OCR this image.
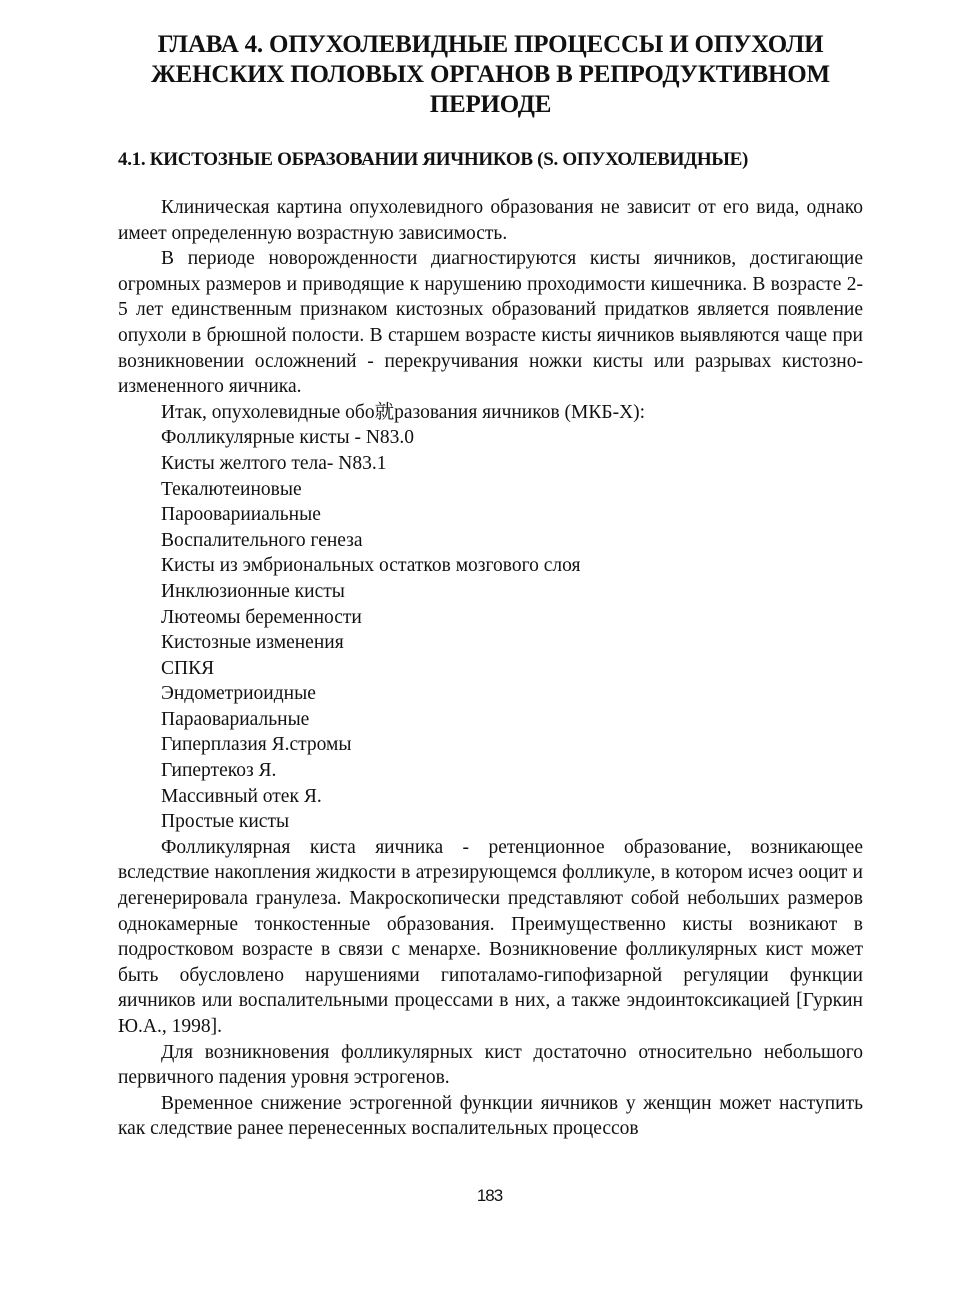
ГЛАВА 4. ОПУХОЛЕВИДНЫЕ ПРОЦЕССЫ И ОПУХОЛИ ЖЕНСКИХ ПОЛОВЫХ ОРГАНОВ В РЕПРОДУКТИВНОМ ПЕРИОДЕ
4.1. КИСТОЗНЫЕ ОБРАЗОВАНИИ ЯИЧНИКОВ (S. ОПУХОЛЕВИДНЫЕ)

Клиническая картина опухолевидного образования не зависит от его вида, однако имеет определенную возрастную зависимость.

В периоде новорожденности диагностируются кисты яичников, достигающие огромных размеров и приводящие к нарушению проходимости кишечника. В возрасте 2-5 лет единственным признаком кистозных образований придатков является появление опухоли в брюшной полости. В старшем возрасте кисты яичников выявляются чаще при возникновении осложнений - перекручивания ножки кисты или разрывах кистозно-измененного яичника.

Итак, опухолевидные обо就разования яичников (МКБ-Х):
Фолликулярные кисты - N83.0
Кисты желтого тела- N83.1
Текалютеиновые
Парооварииальные
Воспалительного генеза
Кисты из эмбриональных остатков мозгового слоя
Инклюзионные кисты
Лютеомы беременности
Кистозные изменения
СПКЯ
Эндометриоидные
Параовариальные
Гиперплазия Я.стромы
Гипертекоз Я.
Массивный отек Я.
Простые кисты

Фолликулярная киста яичника - ретенционное образование, возникающее вследствие накопления жидкости в атрезирующемся фолликуле, в котором исчез ооцит и дегенерировала гранулеза. Макроскопически представляют собой небольших размеров однокамерные тонкостенные образования. Преимущественно кисты возникают в подростковом возрасте в связи с менархе. Возникновение фолликулярных кист может быть обусловлено нарушениями гипоталамо-гипофизарной регуляции функции яичников или воспалительными процессами в них, а также эндоинтоксикацией [Гуркин Ю.А., 1998].

Для возникновения фолликулярных кист достаточно относительно небольшого первичного падения уровня эстрогенов.

Временное снижение эстрогенной функции яичников у женщин может наступить как следствие ранее перенесенных воспалительных процессов

183
